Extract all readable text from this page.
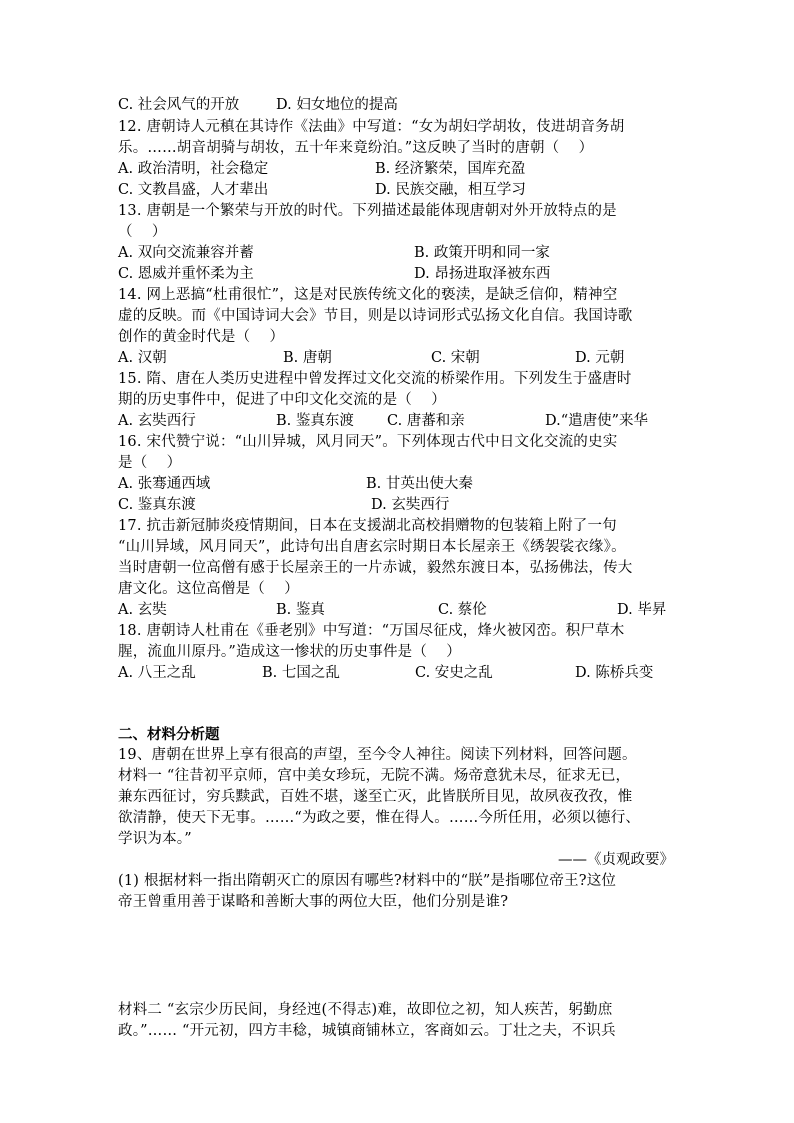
C. 社会风气的开放	D. 妇女地位的提高
12. 唐朝诗人元稹在其诗作《法曲》中写道：“女为胡妇学胡妆，伎进胡音务胡
乐。……胡音胡骑与胡妆，五十年来竟纷泊。”这反映了当时的唐朝（    ）
A. 政治清明，社会稳定	B. 经济繁荣，国库充盈
C. 文教昌盛，人才辈出	D. 民族交融，相互学习
13. 唐朝是一个繁荣与开放的时代。下列描述最能体现唐朝对外开放特点的是
（    ）
A. 双向交流兼容并蓄	B. 政策开明和同一家
C. 恩威并重怀柔为主	D. 昂扬进取泽被东西
14. 网上恶搞“杜甫很忙”，这是对民族传统文化的亵渎，是缺乏信仰，精神空
虚的反映。而《中国诗词大会》节目，则是以诗词形式弘扬文化自信。我国诗歌
创作的黄金时代是（    ）
A. 汉朝	B. 唐朝	C. 宋朝	D. 元朝
15. 隋、唐在人类历史进程中曾发挥过文化交流的桥梁作用。下列发生于盛唐时
期的历史事件中，促进了中印文化交流的是（    ）
A. 玄奘西行	B. 鉴真东渡 C. 唐蕃和亲	D.“遣唐使”来华
16. 宋代赞宁说：“山川异城，风月同天”。下列体现古代中日文化交流的史实
是（    ）
A. 张骞通西域	B. 甘英出使大秦
C. 鉴真东渡	D. 玄奘西行
17. 抗击新冠肺炎疫情期间，日本在支援湖北高校捐赠物的包装箱上附了一句
“山川异域，风月同天”，此诗句出自唐玄宗时期日本长屋亲王《绣袈裟衣缘》。
当时唐朝一位高僧有感于长屋亲王的一片赤诚，毅然东渡日本，弘扬佛法，传大
唐文化。这位高僧是（    ）
A. 玄奘	B. 鉴真	C. 蔡伦	D. 毕昇
18. 唐朝诗人杜甫在《垂老别》中写道：“万国尽征戍，烽火被冈峦。积尸草木
腥，流血川原丹。”造成这一惨状的历史事件是（    ）
A. 八王之乱	B. 七国之乱	C. 安史之乱	D. 陈桥兵变
二、材料分析题
19、唐朝在世界上享有很高的声望，至今令人神往。阅读下列材料，回答问题。
材料一 “往昔初平京师，宫中美女珍玩，无院不满。炀帝意犹未尽，征求无已，
兼东西征讨，穷兵黩武，百姓不堪，遂至亡灭，此皆朕所目见，故夙夜孜孜，惟
欲清静，使天下无事。……“为政之要，惟在得人。……今所任用，必须以德行、
学识为本。”
——《贞观政要》
(1) 根据材料一指出隋朝灭亡的原因有哪些?材料中的“朕”是指哪位帝王?这位
帝王曾重用善于谋略和善断大事的两位大臣，他们分别是谁?
材料二 “玄宗少历民间，身经迍(不得志)难，故即位之初，知人疾苦，躬勤庶
政。”…… “开元初，四方丰稔，城镇商铺林立，客商如云。丁壮之夫，不识兵
